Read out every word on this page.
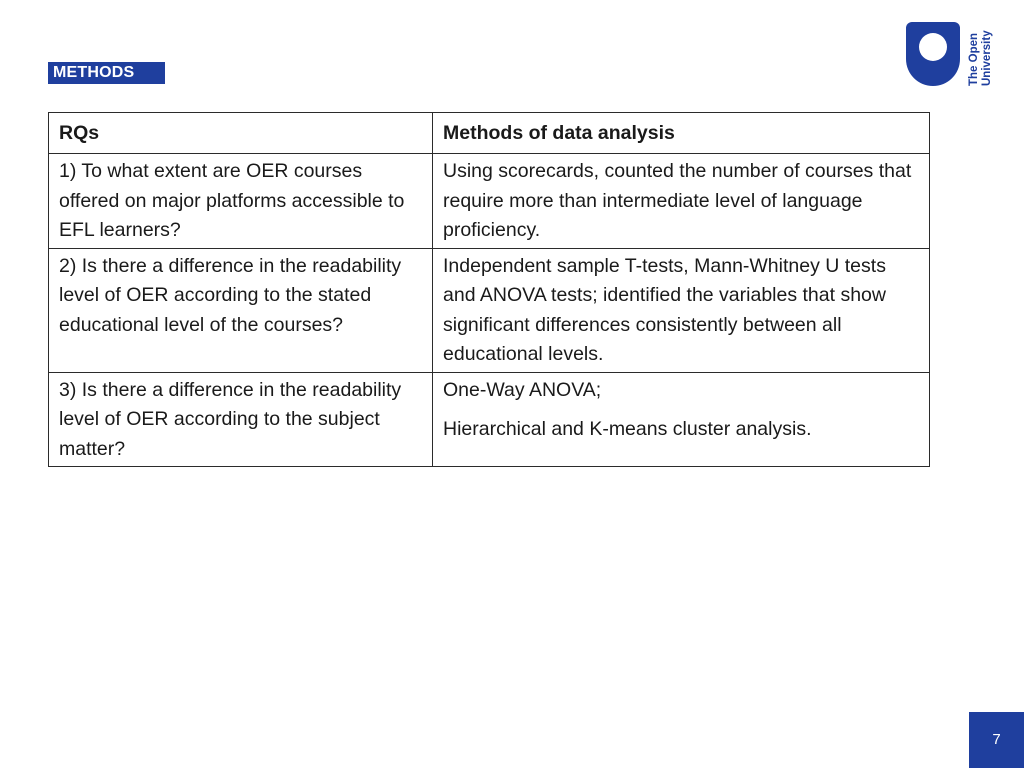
METHODS	The Open University
RQs	Methods of data analysis

1) To what extent are OER courses offered on major platforms accessible to EFL learners?	Using scorecards, counted the number of courses that require more than intermediate level of language proficiency.
2) Is there a difference in the readability level of OER according to the stated educational level of the courses?	Independent sample T-tests, Mann-Whitney U tests and ANOVA tests; identified the variables that show significant differences consistently between all educational levels.
3) Is there a difference in the readability level of OER according to the subject matter?	One-Way ANOVA;
Hierarchical and K-means cluster analysis.
7
